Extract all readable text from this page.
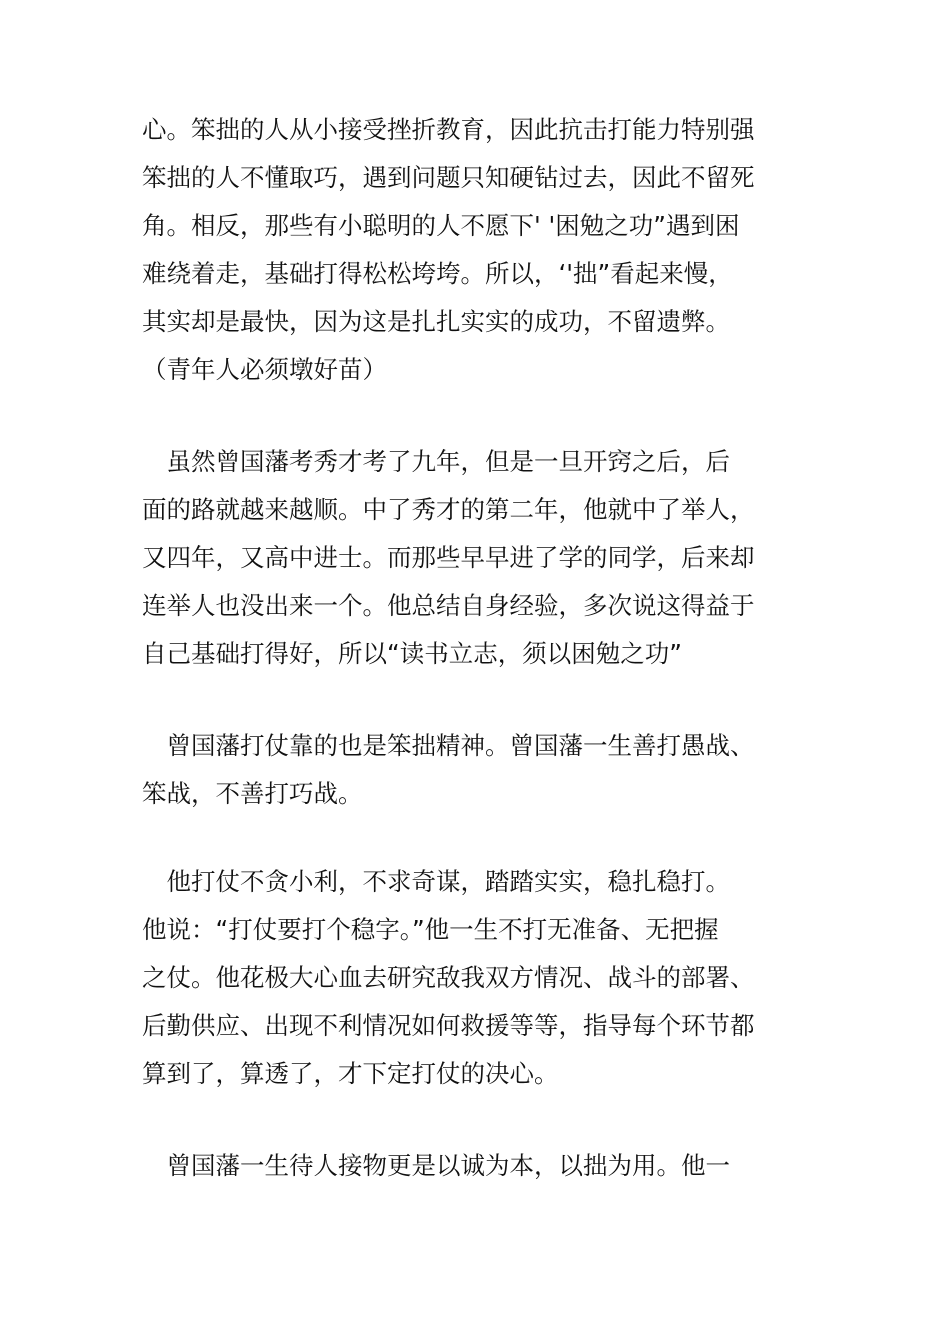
心。笨拙的人从小接受挫折教育，因此抗击打能力特别强
笨拙的人不懂取巧，遇到问题只知硬钻过去，因此不留死
角。相反，那些有小聪明的人不愿下' '困勉之功”遇到困
难绕着走，基础打得松松垮垮。所以，‘'拙”看起来慢，
其实却是最快，因为这是扎扎实实的成功，不留遗弊。
（青年人必须墩好苗）
　虽然曾国藩考秀才考了九年，但是一旦开窍之后，后
面的路就越来越顺。中了秀才的第二年，他就中了举人，
又四年，又高中进士。而那些早早进了学的同学，后来却
连举人也没出来一个。他总结自身经验，多次说这得益于
自己基础打得好，所以“读书立志，须以困勉之功”
　曾国藩打仗靠的也是笨拙精神。曾国藩一生善打愚战、
笨战，不善打巧战。
　他打仗不贪小利，不求奇谋，踏踏实实，稳扎稳打。
他说：“打仗要打个稳字。”他一生不打无准备、无把握
之仗。他花极大心血去研究敌我双方情况、战斗的部署、
后勤供应、出现不利情况如何救援等等，指导每个环节都
算到了，算透了，才下定打仗的决心。
　曾国藩一生待人接物更是以诚为本，以拙为用。他一
